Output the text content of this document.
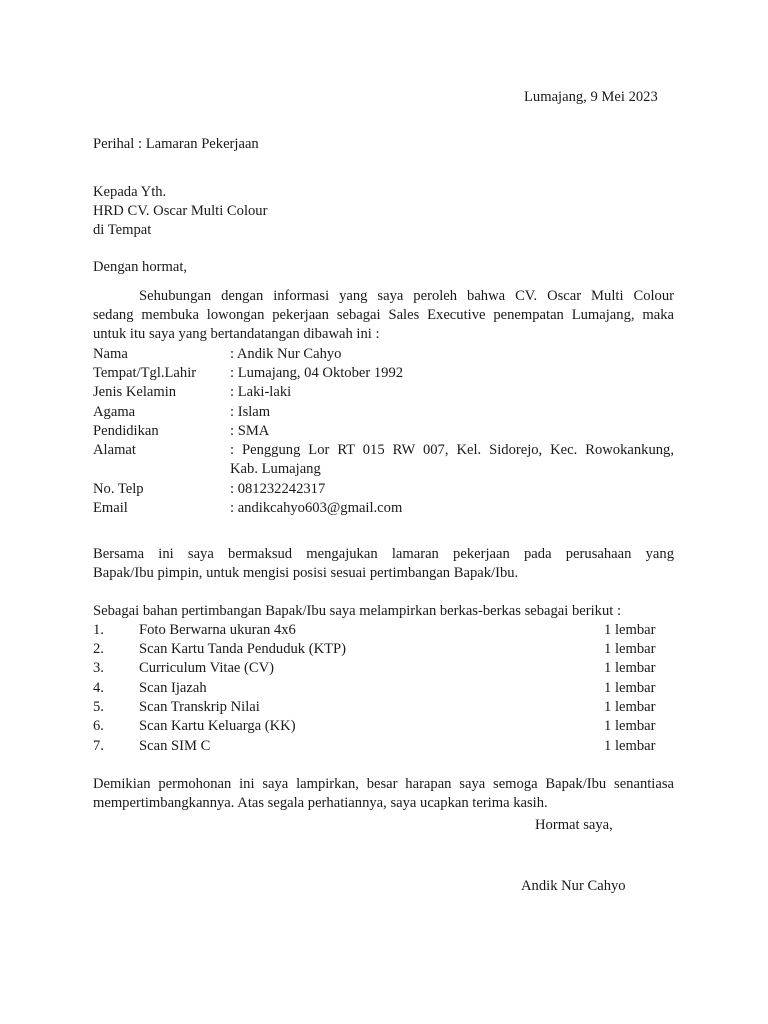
Lumajang, 9 Mei 2023
Perihal : Lamaran Pekerjaan
Kepada Yth.
HRD CV. Oscar Multi Colour
di Tempat
Dengan hormat,
Sehubungan dengan informasi yang saya peroleh bahwa CV. Oscar Multi Colour
sedang membuka lowongan pekerjaan sebagai Sales Executive penempatan Lumajang, maka
untuk itu saya yang bertandatangan dibawah ini :
Nama	: Andik Nur Cahyo
Tempat/Tgl.Lahir : Lumajang, 04 Oktober 1992
Jenis Kelamin	: Laki-laki
Agama	: Islam
Pendidikan	: SMA
Alamat	: Penggung Lor RT 015 RW 007, Kel. Sidorejo, Kec. Rowokankung,
Kab. Lumajang
No. Telp	: 081232242317
Email	: andikcahyo603@gmail.com
Bersama ini saya bermaksud mengajukan lamaran pekerjaan pada perusahaan yang
Bapak/Ibu pimpin, untuk mengisi posisi sesuai pertimbangan Bapak/Ibu.
Sebagai bahan pertimbangan Bapak/Ibu saya melampirkan berkas-berkas sebagai berikut :
1. Foto Berwarna ukuran 4x6	1 lembar
2. Scan Kartu Tanda Penduduk (KTP)	1 lembar
3. Curriculum Vitae (CV)	1 lembar
4. Scan Ijazah	1 lembar
5. Scan Transkrip Nilai	1 lembar
6. Scan Kartu Keluarga (KK)	1 lembar
7. Scan SIM C	1 lembar
Demikian permohonan ini saya lampirkan, besar harapan saya semoga Bapak/Ibu senantiasa
mempertimbangkannya. Atas segala perhatiannya, saya ucapkan terima kasih.
Hormat saya,
Andik Nur Cahyo
